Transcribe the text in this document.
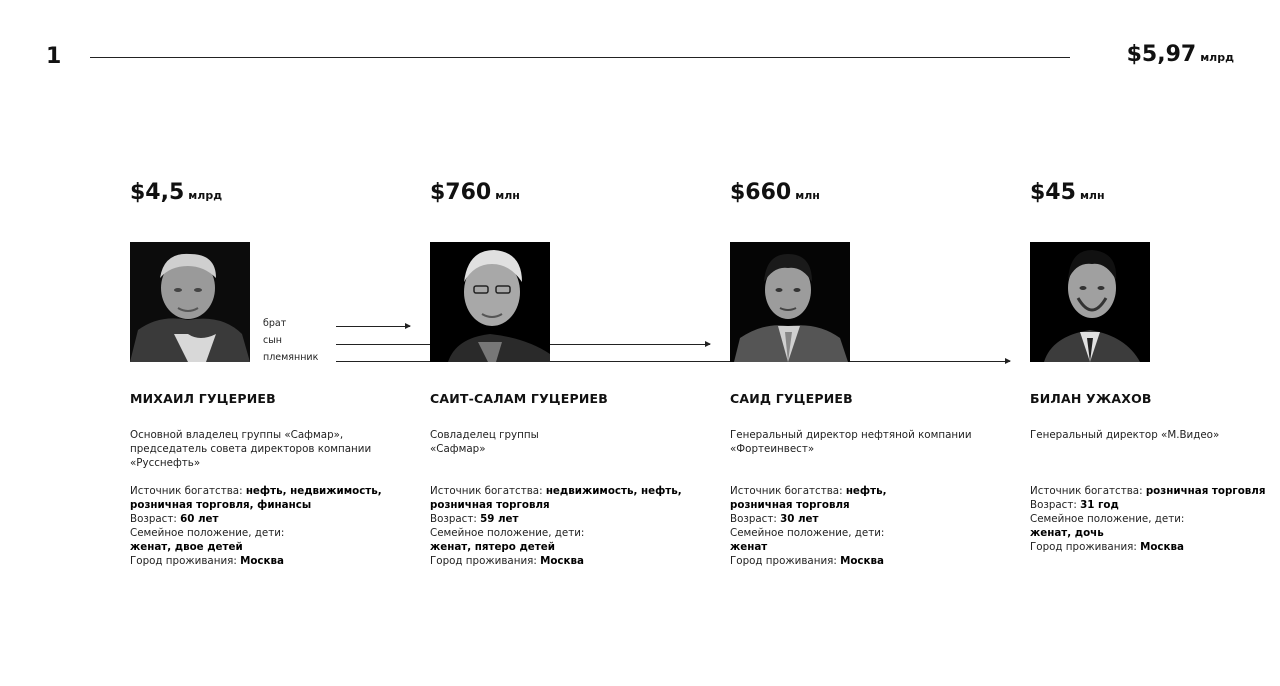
1	$5,97 млрд
брат
сын
племянник
$4,5 млрд
МИХАИЛ ГУЦЕРИЕВ
Основной владелец группы «Сафмар»,
председатель совета директоров компании
«Русснефть»
Источник богатства: нефть, недвижимость,
розничная торговля, финансы
Возраст: 60 лет
Семейное положение, дети:
женат, двое детей
Город проживания: Москва
$760 млн
САИТ-САЛАМ ГУЦЕРИЕВ
Совладелец группы
«Сафмар»
Источник богатства: недвижимость, нефть,
розничная торговля
Возраст: 59 лет
Семейное положение, дети:
женат, пятеро детей
Город проживания: Москва
$660 млн
САИД ГУЦЕРИЕВ
Генеральный директор нефтяной компании
«Фортеинвест»
Источник богатства: нефть,
розничная торговля
Возраст: 30 лет
Семейное положение, дети:
женат
Город проживания: Москва
$45 млн
БИЛАН УЖАХОВ
Генеральный директор «М.Видео»
Источник богатства: розничная торговля
Возраст: 31 год
Семейное положение, дети:
женат, дочь
Город проживания: Москва
